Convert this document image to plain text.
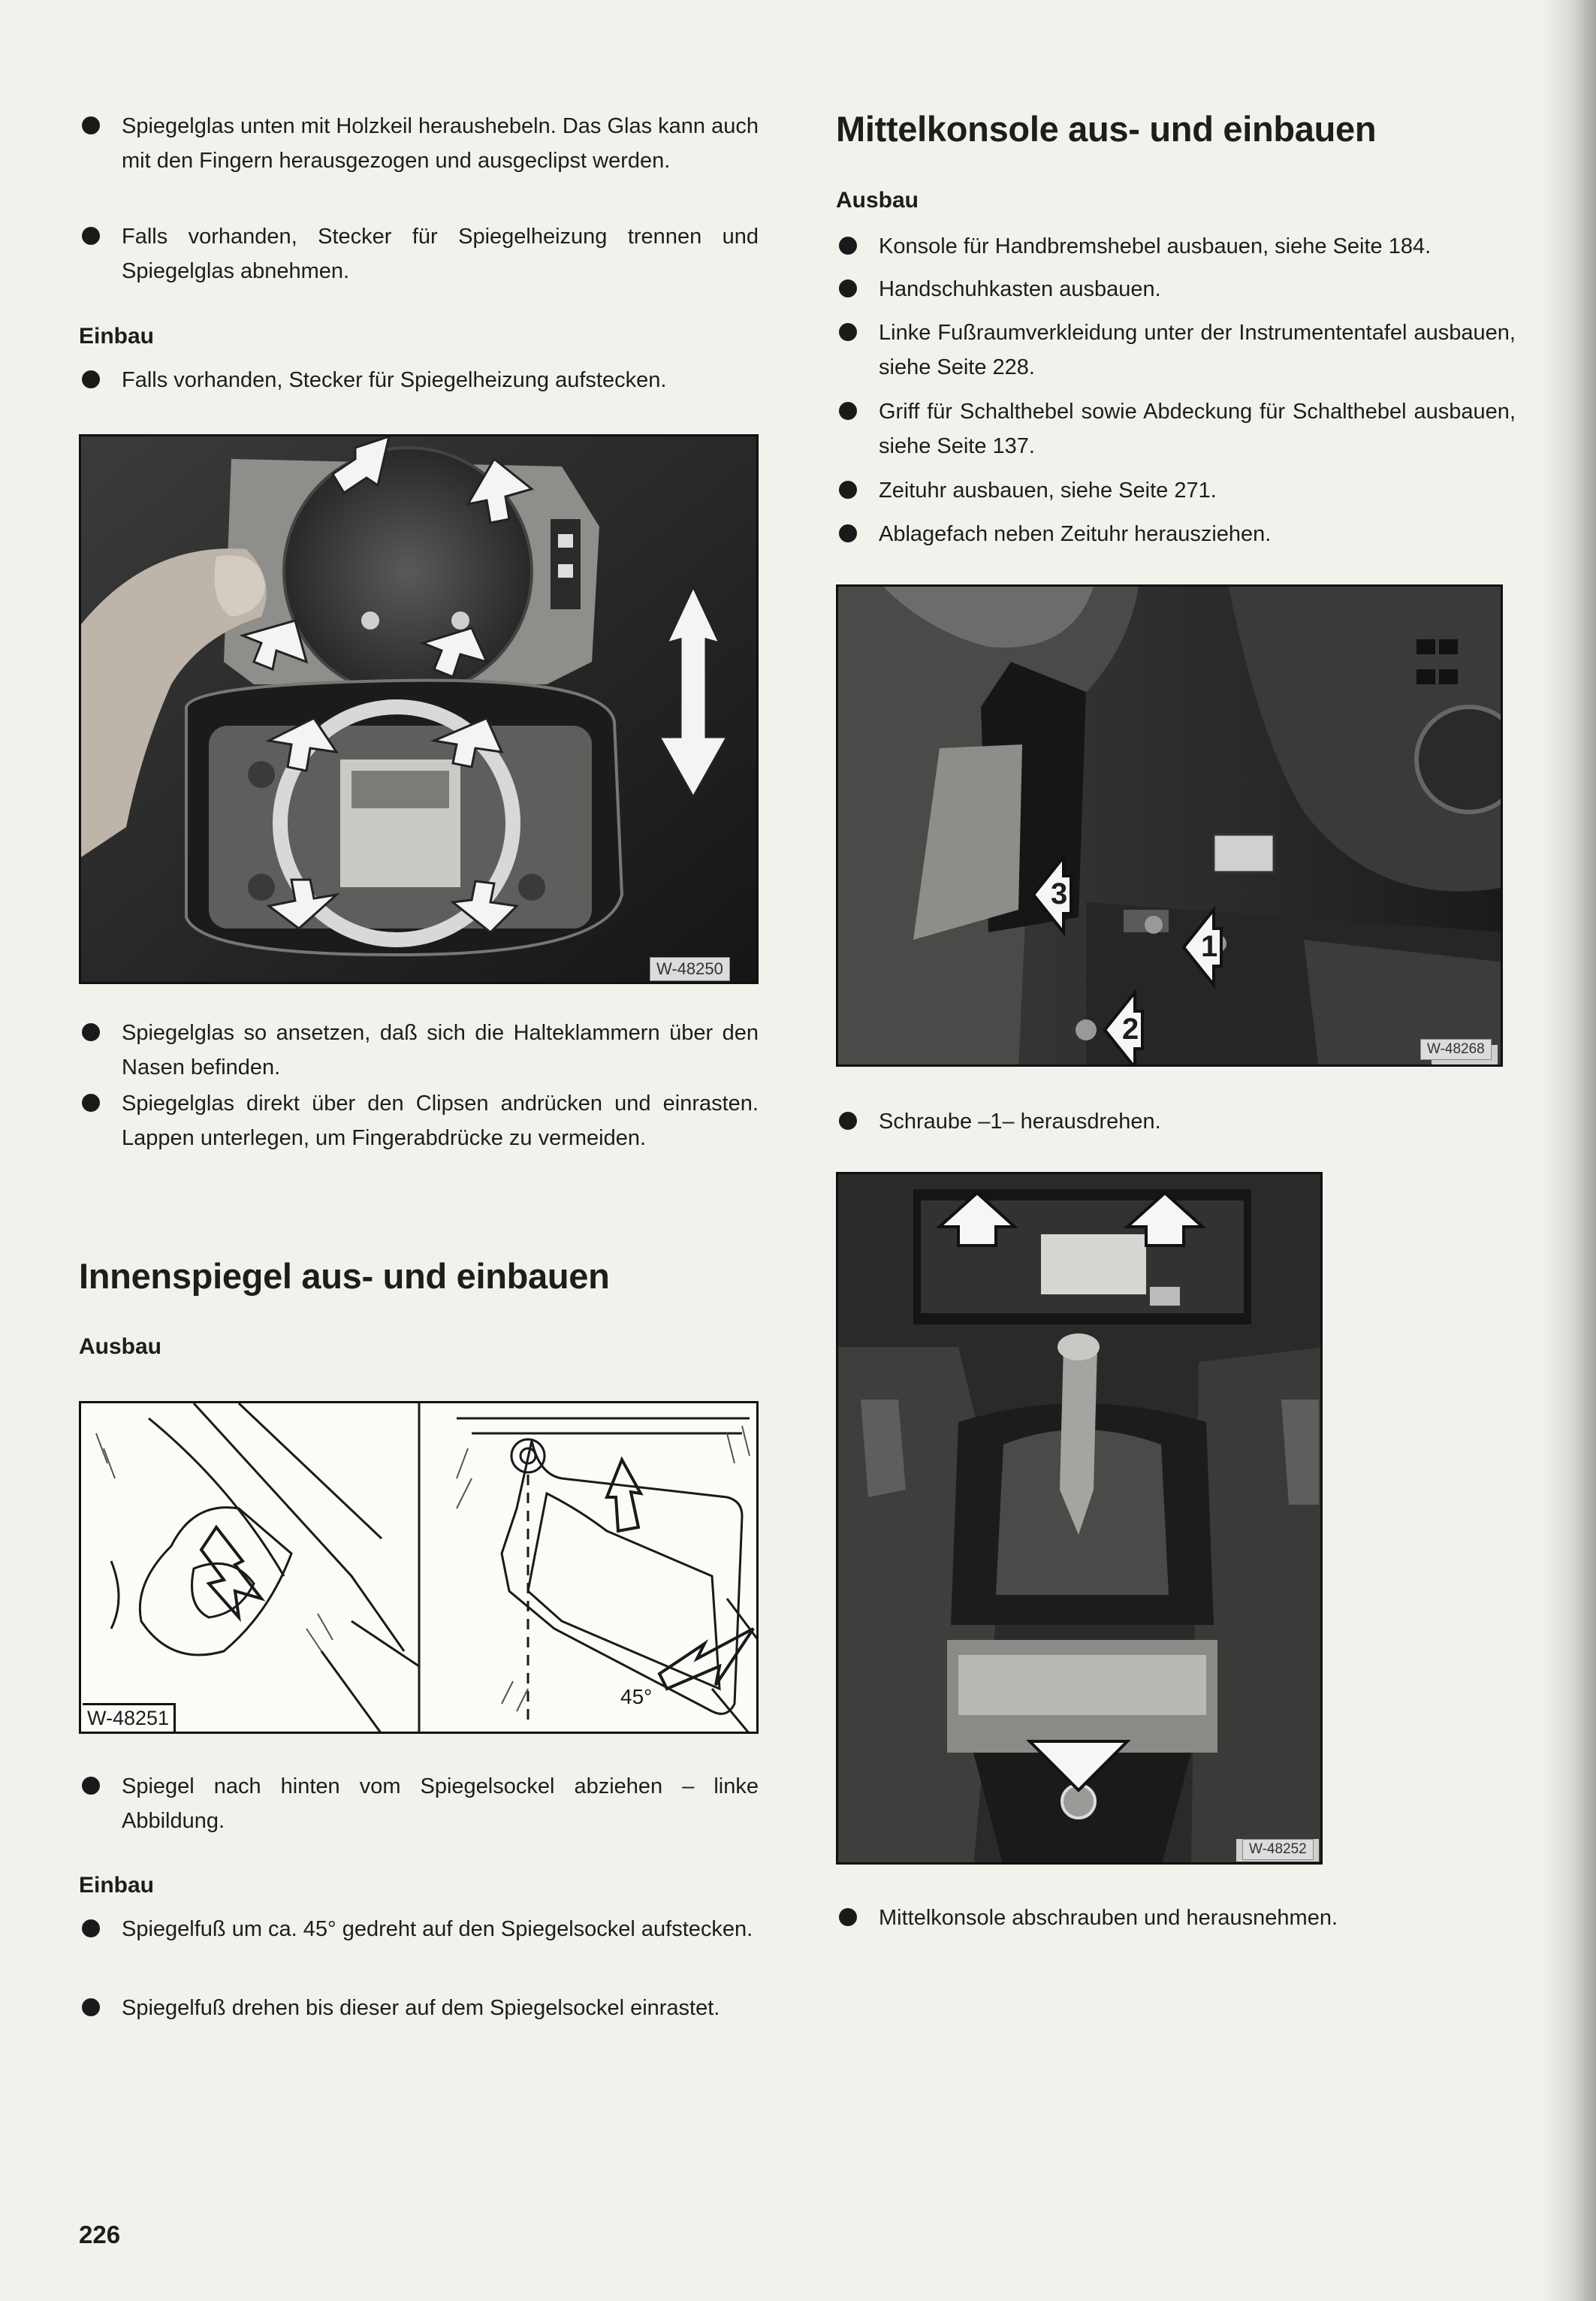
Spiegelglas unten mit Holzkeil heraushebeln. Das Glas kann auch mit den Fingern herausgezogen und ausgeclipst werden.
Falls vorhanden, Stecker für Spiegelheizung trennen und Spiegelglas abnehmen.
Einbau
Falls vorhanden, Stecker für Spiegelheizung aufstecken.
W-48250
Spiegelglas so ansetzen, daß sich die Halteklammern über den Nasen befinden.
Spiegelglas direkt über den Clipsen andrücken und einrasten. Lappen unterlegen, um Fingerabdrücke zu vermeiden.
Innenspiegel aus- und einbauen
Ausbau
45°
W-48251
Spiegel nach hinten vom Spiegelsockel abziehen – linke Abbildung.
Einbau
Spiegelfuß um ca. 45° gedreht auf den Spiegelsockel aufstecken.
Spiegelfuß drehen bis dieser auf dem Spiegelsockel einrastet.
Mittelkonsole aus- und einbauen
Ausbau
Konsole für Handbremshebel ausbauen, siehe Seite 184.
Handschuhkasten ausbauen.
Linke Fußraumverkleidung unter der Instrumententafel ausbauen, siehe Seite 228.
Griff für Schalthebel sowie Abdeckung für Schalthebel ausbauen, siehe Seite 137.
Zeituhr ausbauen, siehe Seite 271.
Ablagefach neben Zeituhr herausziehen.
3
1
2
W-48268
Schraube –1– herausdrehen.
W-48252
Mittelkonsole abschrauben und herausnehmen.
226
